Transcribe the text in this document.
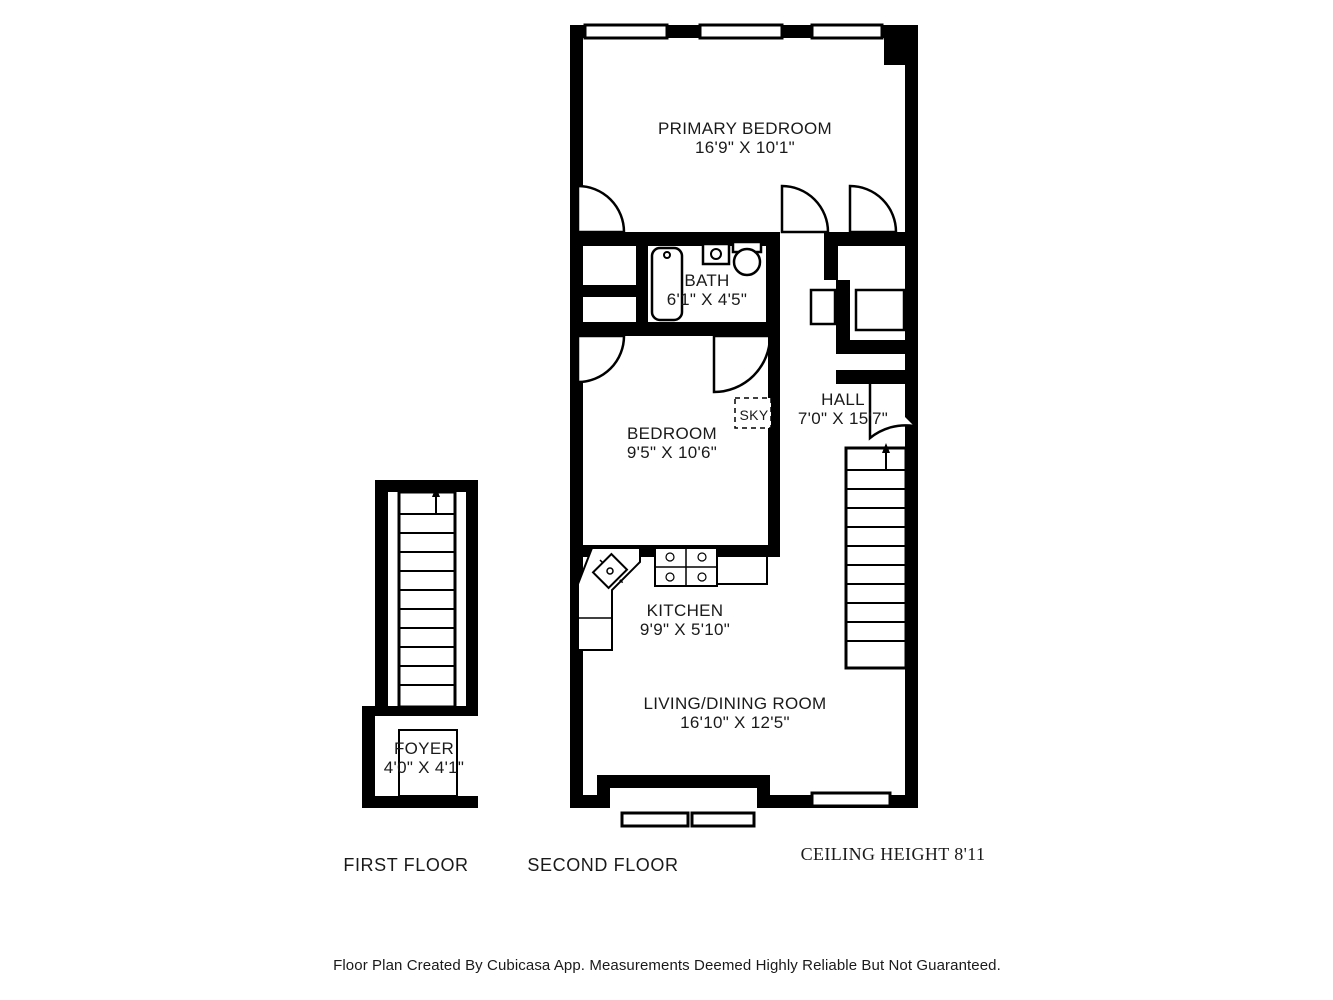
PRIMARY BEDROOM
16'9" X 10'1"
BATH
6'1" X 4'5"
HALL
7'0" X 15'7"
BEDROOM
9'5" X 10'6"
SKY
KITCHEN
9'9" X 5'10"
LIVING/DINING ROOM
16'10" X 12'5"
FOYER
4'0" X 4'1"
FIRST FLOOR	SECOND FLOOR
CEILING HEIGHT 8'11
Floor Plan Created By Cubicasa App. Measurements Deemed Highly Reliable But Not Guaranteed.
